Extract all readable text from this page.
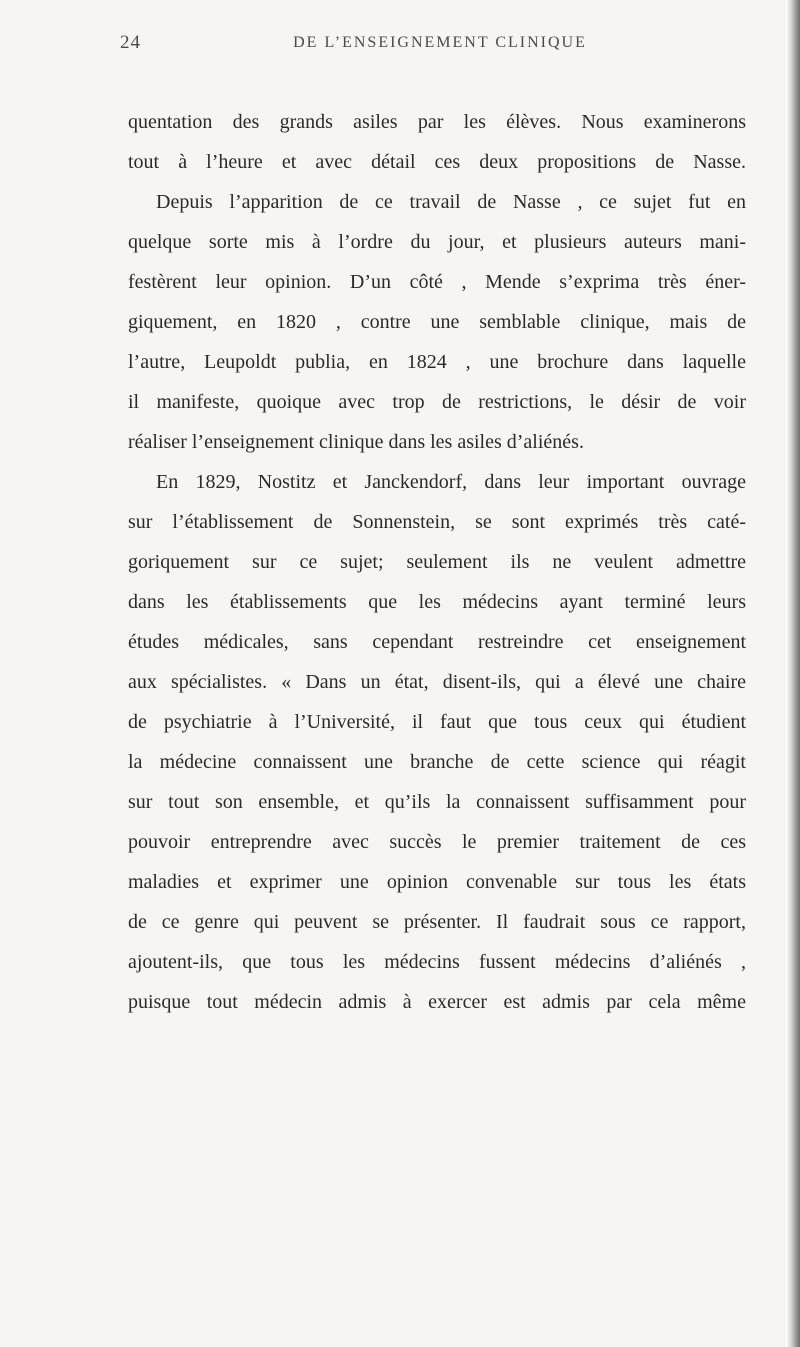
24	DE L’ENSEIGNEMENT CLINIQUE
quentation des grands asiles par les élèves. Nous examinerons
tout à l’heure et avec détail ces deux propositions de Nasse.
Depuis l’apparition de ce travail de Nasse , ce sujet fut en
quelque sorte mis à l’ordre du jour, et plusieurs auteurs mani-
festèrent leur opinion. D’un côté , Mende s’exprima très éner-
giquement, en 1820 , contre une semblable clinique, mais de
l’autre, Leupoldt publia, en 1824 , une brochure dans laquelle
il manifeste, quoique avec trop de restrictions, le désir de voir
réaliser l’enseignement clinique dans les asiles d’aliénés.
En 1829, Nostitz et Janckendorf, dans leur important ouvrage
sur l’établissement de Sonnenstein, se sont exprimés très caté-
goriquement sur ce sujet; seulement ils ne veulent admettre
dans les établissements que les médecins ayant terminé leurs
études médicales, sans cependant restreindre cet enseignement
aux spécialistes. « Dans un état, disent-ils, qui a élevé une chaire
de psychiatrie à l’Université, il faut que tous ceux qui étudient
la médecine connaissent une branche de cette science qui réagit
sur tout son ensemble, et qu’ils la connaissent suffisamment pour
pouvoir entreprendre avec succès le premier traitement de ces
maladies et exprimer une opinion convenable sur tous les états
de ce genre qui peuvent se présenter. Il faudrait sous ce rapport,
ajoutent-ils, que tous les médecins fussent médecins d’aliénés ,
puisque tout médecin admis à exercer est admis par cela même
